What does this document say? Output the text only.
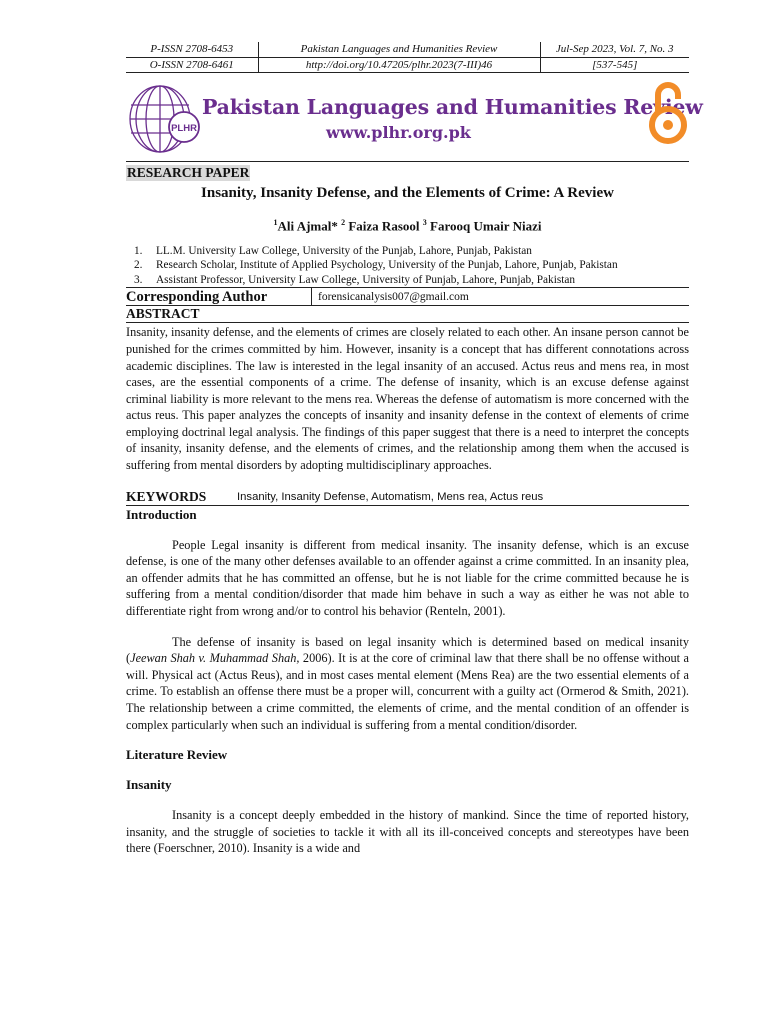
P-ISSN 2708-6453	Pakistan Languages and Humanities Review	Jul-Sep 2023, Vol. 7, No. 3
O-ISSN 2708-6461	http://doi.org/10.47205/plhr.2023(7-III)46	[537-545]
PLHR
Pakistan Languages and Humanities Review
www.plhr.org.pk
RESEARCH PAPER
Insanity, Insanity Defense, and the Elements of Crime: A Review
$^1$Ali Ajmal* $^2$ Faiza Rasool $^3$ Farooq Umair Niazi
1. LL.M. University Law College, University of the Punjab, Lahore, Punjab, Pakistan
2. Research Scholar, Institute of Applied Psychology, University of the Punjab, Lahore, Punjab, Pakistan
3. Assistant Professor, University Law College, University of Punjab, Lahore, Punjab, Pakistan
Corresponding Author	forensicanalysis007@gmail.com
ABSTRACT
Insanity, insanity defense, and the elements of crimes are closely related to each other. An insane person cannot be punished for the crimes committed by him. However, insanity is a concept that has different connotations across academic disciplines. The law is interested in the legal insanity of an accused. Actus reus and mens rea, in most cases, are the essential components of a crime. The defense of insanity, which is an excuse defense against criminal liability is more relevant to the mens rea. Whereas the defense of automatism is more concerned with the actus reus. This paper analyzes the concepts of insanity and insanity defense in the context of elements of crime employing doctrinal legal analysis. The findings of this paper suggest that there is a need to interpret the concepts of insanity, insanity defense, and the elements of crimes, and the relationship among them when the accused is suffering from mental disorders by adopting multidisciplinary approaches.
KEYWORDS	Insanity, Insanity Defense, Automatism, Mens rea, Actus reus
Introduction

People Legal insanity is different from medical insanity. The insanity defense, which is an excuse defense, is one of the many other defenses available to an offender against a crime committed. In an insanity plea, an offender admits that he has committed an offense, but he is not liable for the crime committed because he is suffering from a mental condition/disorder that made him behave in such a way as either he was not able to differentiate right from wrong and/or to control his behavior (Renteln, 2001).

The defense of insanity is based on legal insanity which is determined based on medical insanity (Jeewan Shah v. Muhammad Shah, 2006). It is at the core of criminal law that there shall be no offense without a will. Physical act (Actus Reus), and in most cases mental element (Mens Rea) are the two essential elements of a crime. To establish an offense there must be a proper will, concurrent with a guilty act (Ormerod & Smith, 2021). The relationship between a crime committed, the elements of crime, and the mental condition of an offender is complex particularly when such an individual is suffering from a mental condition/disorder.

Literature Review
Insanity

Insanity is a concept deeply embedded in the history of mankind. Since the time of reported history, insanity, and the struggle of societies to tackle it with all its ill-conceived concepts and stereotypes have been there (Foerschner, 2010). Insanity is a wide and
